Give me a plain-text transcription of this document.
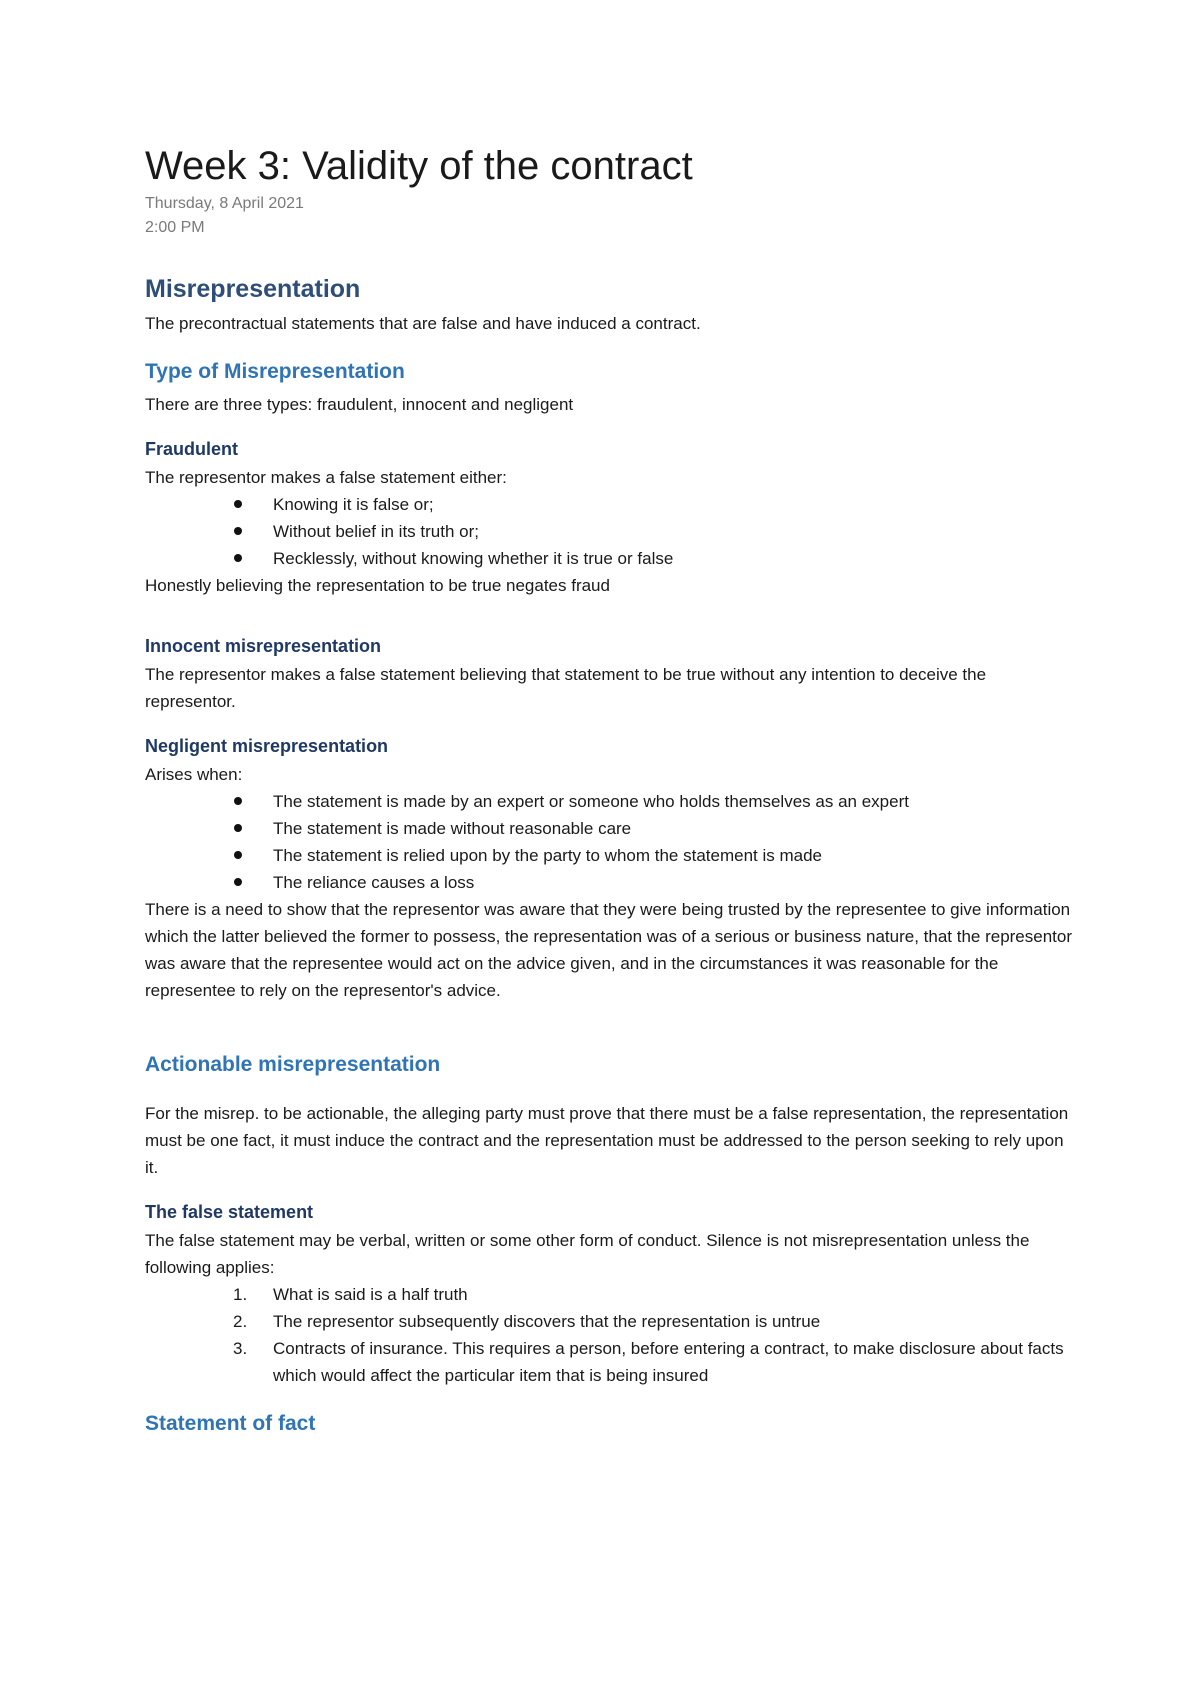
Week 3: Validity of the contract
Thursday, 8 April 2021
2:00 PM
Misrepresentation

The precontractual statements that are false and have induced a contract.

Type of Misrepresentation

There are three types: fraudulent, innocent and negligent

Fraudulent

The representor makes a false statement either:

Knowing it is false or;
Without belief in its truth or;
Recklessly, without knowing whether it is true or false

Honestly believing the representation to be true negates fraud

Innocent misrepresentation

The representor makes a false statement believing that statement to be true without any intention to deceive the representor.

Negligent misrepresentation

Arises when:

The statement is made by an expert or someone who holds themselves as an expert
The statement is made without reasonable care
The statement is relied upon by the party to whom the statement is made
The reliance causes a loss

There is a need to show that the representor was aware that they were being trusted by the representee to give information which the latter believed the former to possess, the representation was of a serious or business nature, that the representor was aware that the representee would act on the advice given, and in the circumstances it was reasonable for the representee to rely on the representor's advice.

Actionable misrepresentation

For the misrep. to be actionable, the alleging party must prove that there must be a false representation, the representation must be one fact, it must induce the contract and the representation must be addressed to the person seeking to rely upon it.

The false statement

The false statement may be verbal, written or some other form of conduct. Silence is not misrepresentation unless the following applies:

1. What is said is a half truth
2. The representor subsequently discovers that the representation is untrue
3. Contracts of insurance. This requires a person, before entering a contract, to make disclosure about facts which would affect the particular item that is being insured
Statement of fact
